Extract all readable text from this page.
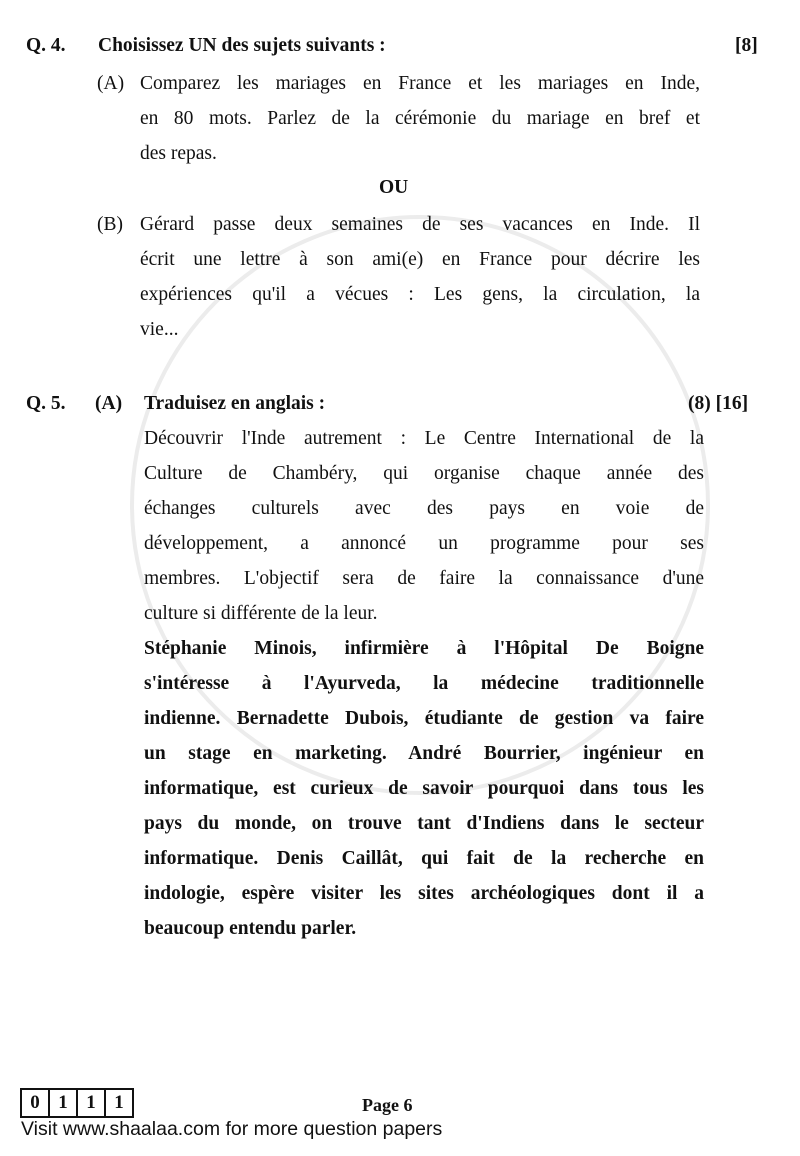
Q. 4. Choisissez UN des sujets suivants :	[8]
(A) Comparez les mariages en France et les mariages en Inde,
en 80 mots. Parlez de la cérémonie du mariage en bref et
des repas.
OU
(B) Gérard passe deux semaines de ses vacances en Inde. Il
écrit une lettre à son ami(e) en France pour décrire les
expériences qu'il a vécues : Les gens, la circulation, la
vie...
Q. 5. (A) Traduisez en anglais :	(8) [16]
Découvrir l'Inde autrement : Le Centre International de la
Culture de Chambéry, qui organise chaque année des
échanges culturels avec des pays en voie de
développement, a annoncé un programme pour ses
membres. L'objectif sera de faire la connaissance d'une
culture si différente de la leur.
Stéphanie Minois, infirmière à l'Hôpital De Boigne
s'intéresse à l'Ayurveda, la médecine traditionnelle
indienne. Bernadette Dubois, étudiante de gestion va faire
un stage en marketing. André Bourrier, ingénieur en
informatique, est curieux de savoir pourquoi dans tous les
pays du monde, on trouve tant d'Indiens dans le secteur
informatique. Denis Caillât, qui fait de la recherche en
indologie, espère visiter les sites archéologiques dont il a
beaucoup entendu parler.
0 1 1 1	Page 6
Visit www.shaalaa.com for more question papers
